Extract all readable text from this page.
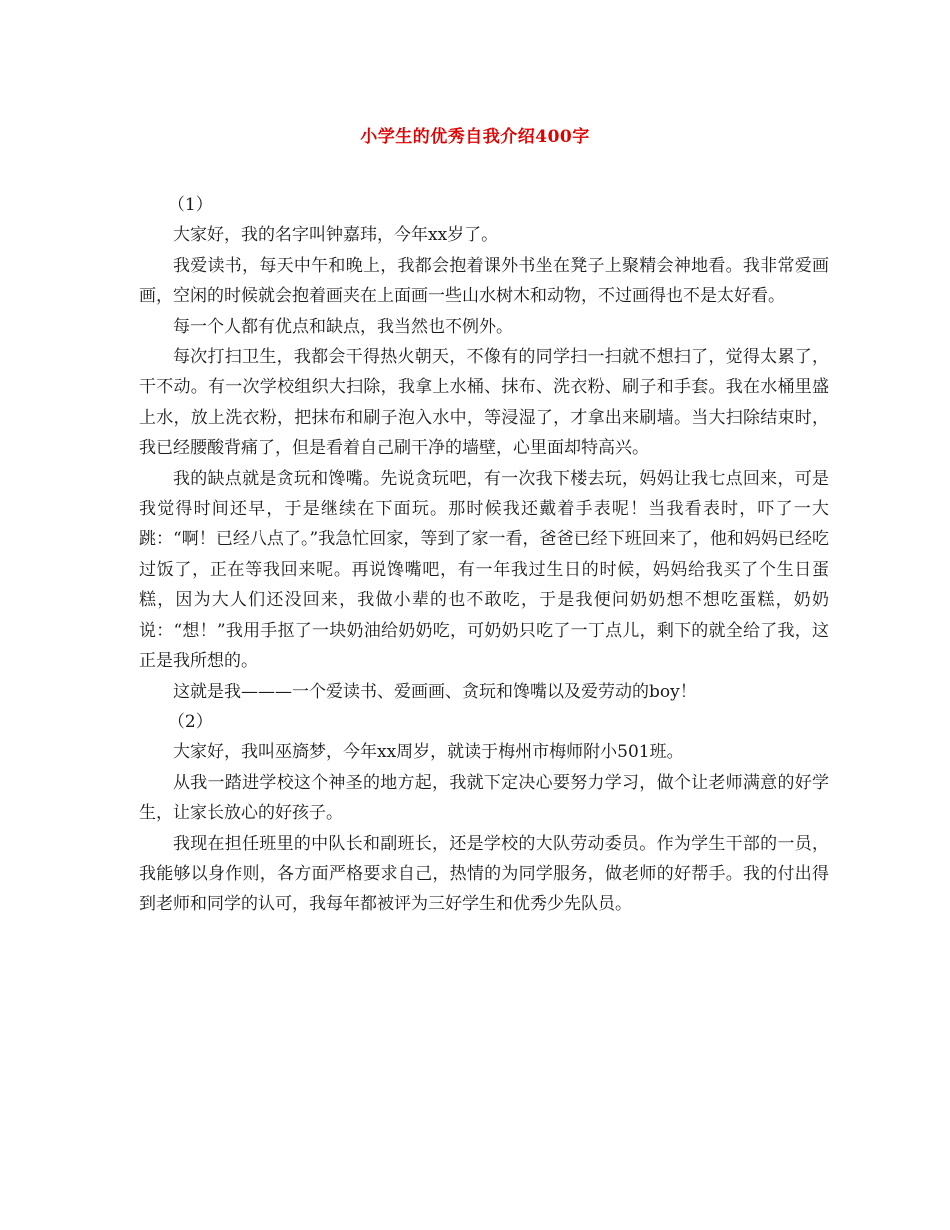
小学生的优秀自我介绍400字

（1）

大家好，我的名字叫钟嘉玮，今年xx岁了。

我爱读书，每天中午和晚上，我都会抱着课外书坐在凳子上聚精会神地看。我非常爱画画，空闲的时候就会抱着画夹在上面画一些山水树木和动物，不过画得也不是太好看。

每一个人都有优点和缺点，我当然也不例外。

每次打扫卫生，我都会干得热火朝天，不像有的同学扫一扫就不想扫了，觉得太累了，干不动。有一次学校组织大扫除，我拿上水桶、抹布、洗衣粉、刷子和手套。我在水桶里盛上水，放上洗衣粉，把抹布和刷子泡入水中，等浸湿了，才拿出来刷墙。当大扫除结束时，我已经腰酸背痛了，但是看着自己刷干净的墙壁，心里面却特高兴。

我的缺点就是贪玩和馋嘴。先说贪玩吧，有一次我下楼去玩，妈妈让我七点回来，可是我觉得时间还早，于是继续在下面玩。那时候我还戴着手表呢！当我看表时，吓了一大跳：“啊！已经八点了。”我急忙回家，等到了家一看，爸爸已经下班回来了，他和妈妈已经吃过饭了，正在等我回来呢。再说馋嘴吧，有一年我过生日的时候，妈妈给我买了个生日蛋糕，因为大人们还没回来，我做小辈的也不敢吃，于是我便问奶奶想不想吃蛋糕，奶奶说：“想！”我用手抠了一块奶油给奶奶吃，可奶奶只吃了一丁点儿，剩下的就全给了我，这正是我所想的。

这就是我———一个爱读书、爱画画、贪玩和馋嘴以及爱劳动的boy！

（2）

大家好，我叫巫旖梦，今年xx周岁，就读于梅州市梅师附小501班。

从我一踏进学校这个神圣的地方起，我就下定决心要努力学习，做个让老师满意的好学生，让家长放心的好孩子。

我现在担任班里的中队长和副班长，还是学校的大队劳动委员。作为学生干部的一员，我能够以身作则，各方面严格要求自己，热情的为同学服务，做老师的好帮手。我的付出得到老师和同学的认可，我每年都被评为三好学生和优秀少先队员。
